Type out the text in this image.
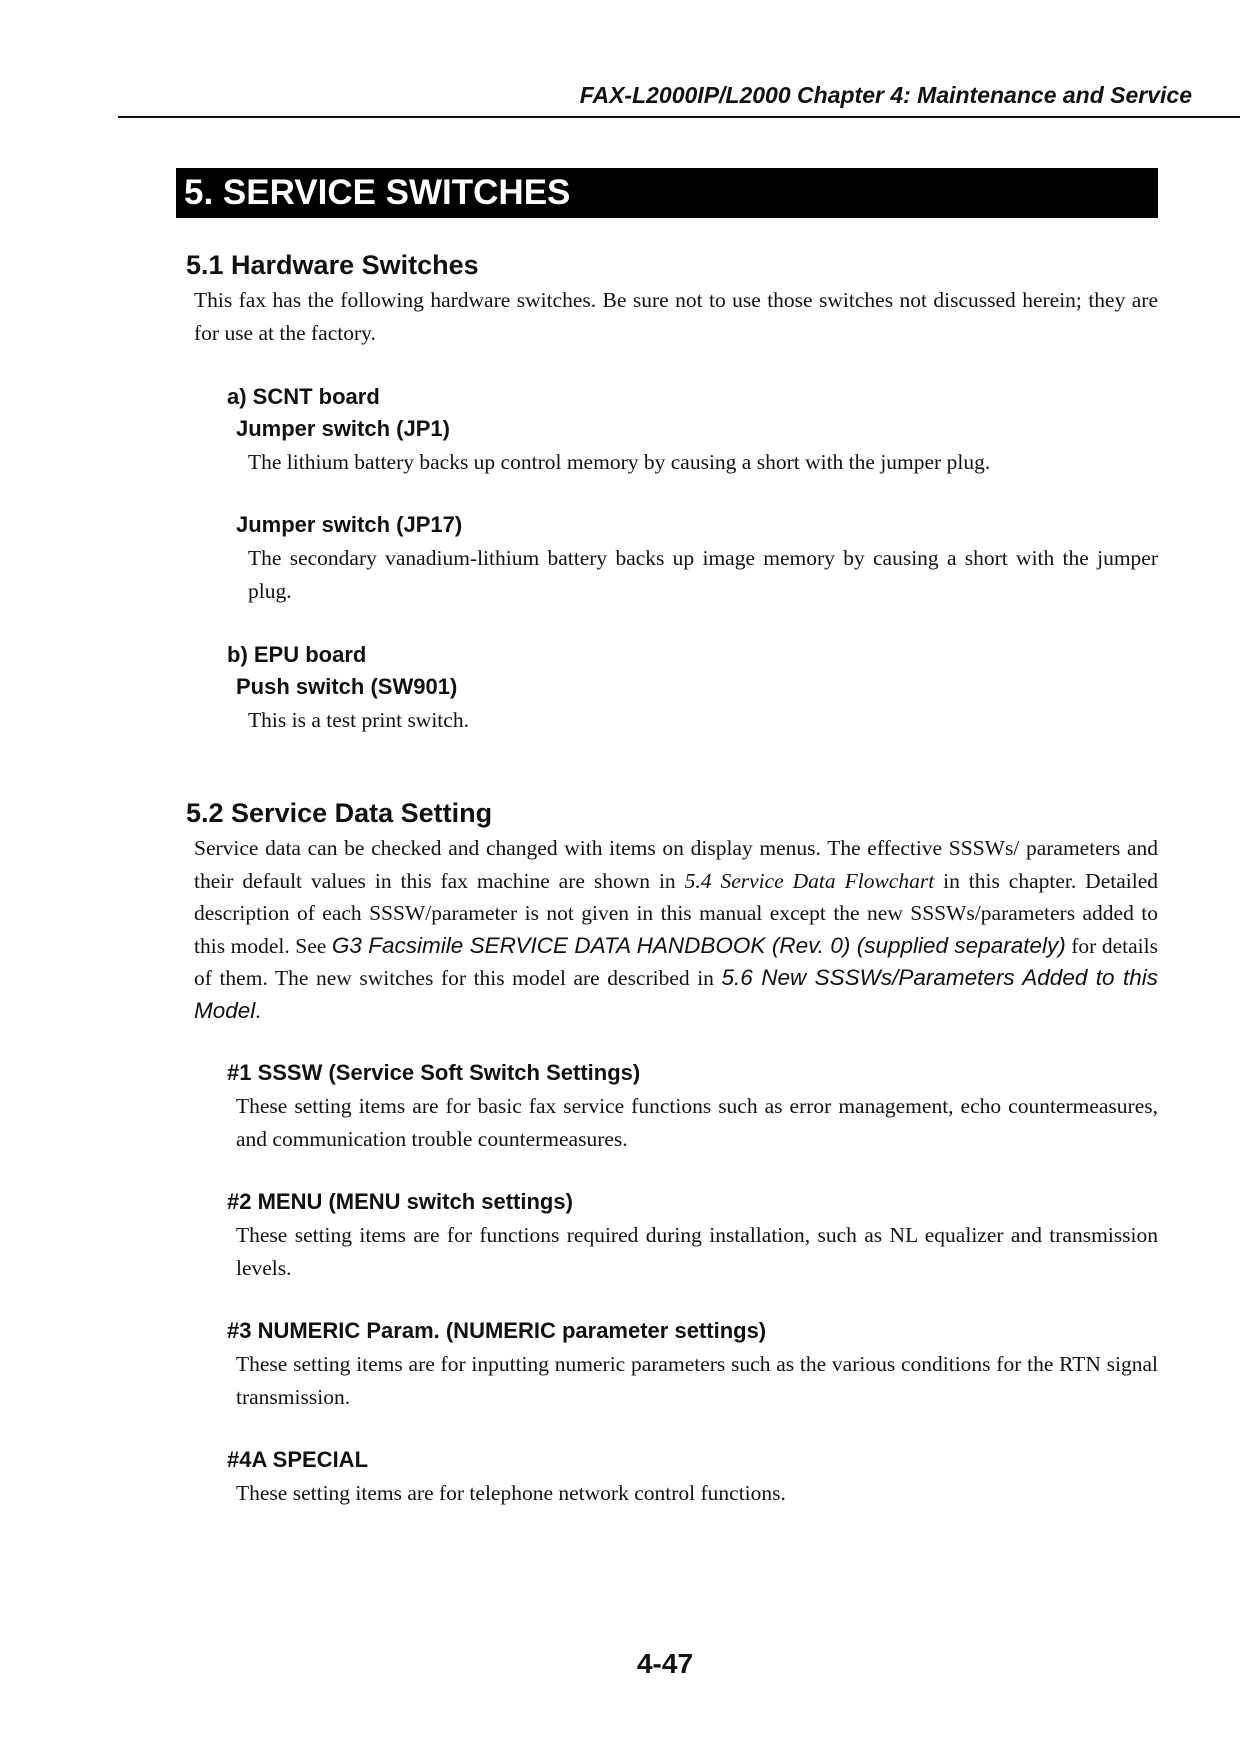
FAX-L2000IP/L2000 Chapter 4: Maintenance and Service
5. SERVICE SWITCHES
5.1 Hardware Switches

This fax has the following hardware switches. Be sure not to use those switches not discussed herein; they are for use at the factory.

a) SCNT board
Jumper switch (JP1)

The lithium battery backs up control memory by causing a short with the jumper plug.

Jumper switch (JP17)

The secondary vanadium-lithium battery backs up image memory by causing a short with the jumper plug.

b) EPU board
Push switch (SW901)

This is a test print switch.

5.2 Service Data Setting

Service data can be checked and changed with items on display menus. The effective SSSWs/ parameters and their default values in this fax machine are shown in 5.4 Service Data Flowchart in this chapter. Detailed description of each SSSW/parameter is not given in this manual except the new SSSWs/parameters added to this model. See G3 Facsimile SERVICE DATA HANDBOOK (Rev. 0) (supplied separately) for details of them. The new switches for this model are described in 5.6 New SSSWs/Parameters Added to this Model.

#1 SSSW (Service Soft Switch Settings)

These setting items are for basic fax service functions such as error management, echo countermeasures, and communication trouble countermeasures.

#2 MENU (MENU switch settings)

These setting items are for functions required during installation, such as NL equalizer and transmission levels.

#3 NUMERIC Param. (NUMERIC parameter settings)

These setting items are for inputting numeric parameters such as the various conditions for the RTN signal transmission.

#4A SPECIAL

These setting items are for telephone network control functions.

4-47
